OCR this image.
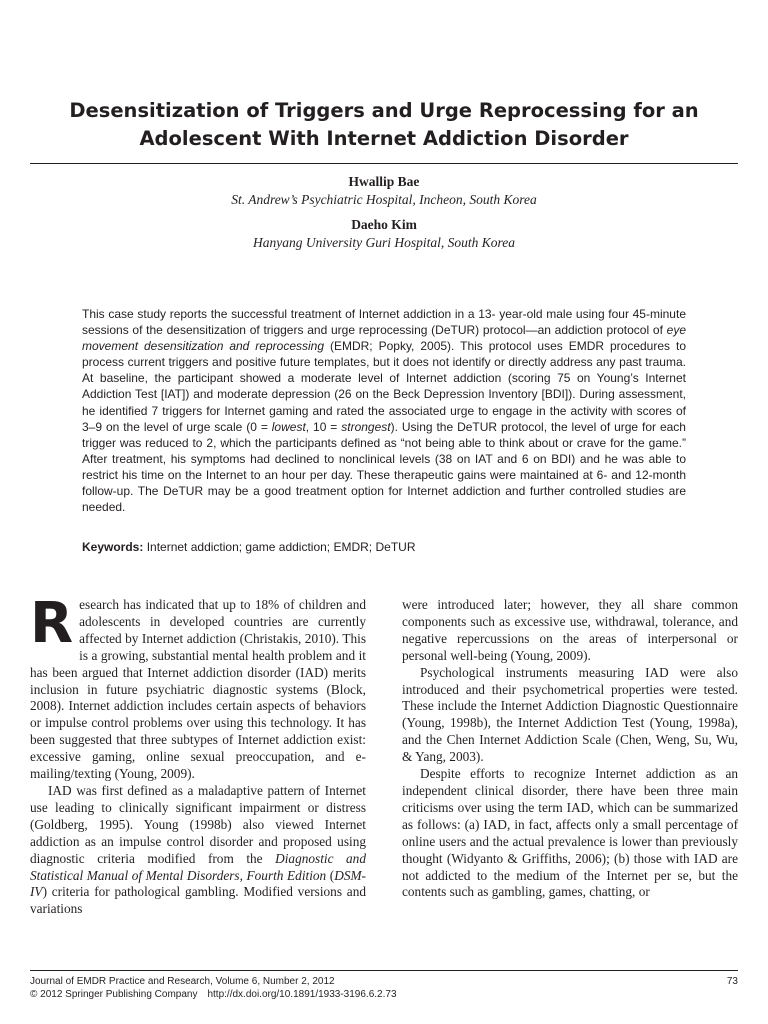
Desensitization of Triggers and Urge Reprocessing for an
Adolescent With Internet Addiction Disorder
Hwallip Bae
St. Andrew’s Psychiatric Hospital, Incheon, South Korea
Daeho Kim
Hanyang University Guri Hospital, South Korea

This case study reports the successful treatment of Internet addiction in a 13- year-old male using four 45-minute sessions of the desensitization of triggers and urge reprocessing (DeTUR) protocol—an addiction protocol of eye movement desensitization and reprocessing (EMDR; Popky, 2005). This protocol uses EMDR procedures to process current triggers and positive future templates, but it does not identify or directly address any past trauma. At baseline, the participant showed a moderate level of Internet addiction (scoring 75 on Young’s Internet Addiction Test [IAT]) and moderate depression (26 on the Beck Depression Inventory [BDI]). During assessment, he identified 7 triggers for Internet gaming and rated the associated urge to engage in the activity with scores of 3–9 on the level of urge scale (0 = lowest, 10 = strongest). Using the DeTUR protocol, the level of urge for each trigger was reduced to 2, which the participants defined as “not being able to think about or crave for the game.” After treatment, his symptoms had declined to nonclinical levels (38 on IAT and 6 on BDI) and he was able to restrict his time on the Internet to an hour per day. These therapeutic gains were maintained at 6- and 12-month follow-up. The DeTUR may be a good treatment option for Internet addiction and further controlled studies are needed.

Keywords: Internet addiction; game addiction; EMDR; DeTUR

Research has indicated that up to 18% of children and adolescents in developed countries are currently affected by Internet addiction (Christakis, 2010). This is a growing, substantial mental health problem and it has been argued that Internet addiction disorder (IAD) merits inclusion in future psychiatric diagnostic systems (Block, 2008). Internet addiction includes certain aspects of behaviors or impulse control problems over using this technology. It has been suggested that three subtypes of Internet addiction exist: excessive gaming, online sexual preoccupation, and e-mailing/texting (Young, 2009).

IAD was first defined as a maladaptive pattern of Internet use leading to clinically significant impairment or distress (Goldberg, 1995). Young (1998b) also viewed Internet addiction as an impulse control disorder and proposed using diagnostic criteria modified from the Diagnostic and Statistical Manual of Mental Disorders, Fourth Edition (DSM-IV) criteria for pathological gambling. Modified versions and variations

were introduced later; however, they all share common components such as excessive use, withdrawal, tolerance, and negative repercussions on the areas of interpersonal or personal well-being (Young, 2009).

Psychological instruments measuring IAD were also introduced and their psychometrical properties were tested. These include the Internet Addiction Diagnostic Questionnaire (Young, 1998b), the Internet Addiction Test (Young, 1998a), and the Chen Internet Addiction Scale (Chen, Weng, Su, Wu, & Yang, 2003).

Despite efforts to recognize Internet addiction as an independent clinical disorder, there have been three main criticisms over using the term IAD, which can be summarized as follows: (a) IAD, in fact, affects only a small percentage of online users and the actual prevalence is lower than previously thought (Widyanto & Griffiths, 2006); (b) those with IAD are not addicted to the medium of the Internet per se, but the contents such as gambling, games, chatting, or

Journal of EMDR Practice and Research, Volume 6, Number 2, 2012	73
© 2012 Springer Publishing Company http://dx.doi.org/10.1891/1933-3196.6.2.73
